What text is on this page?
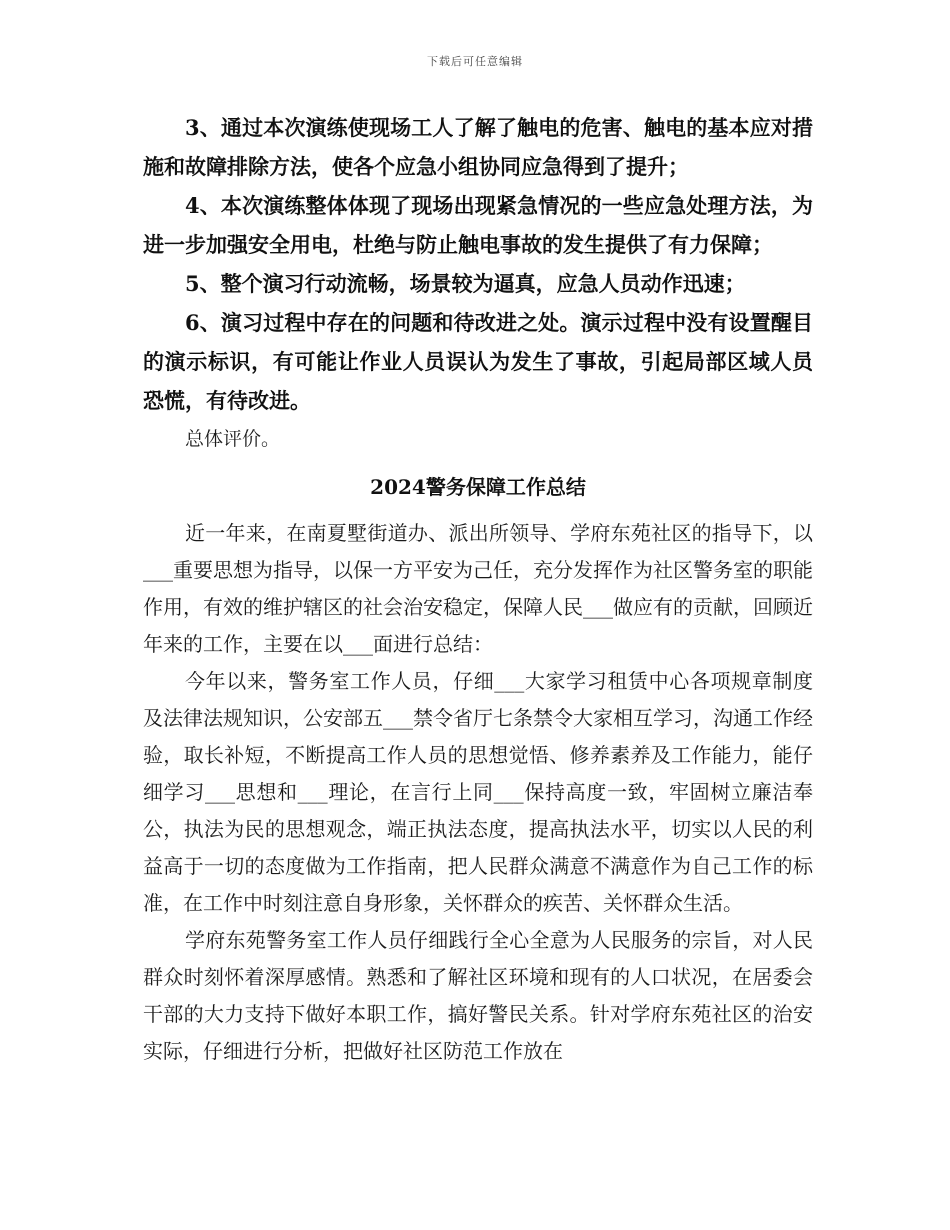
下载后可任意编辑

3、通过本次演练使现场工人了解了触电的危害、触电的基本应对措施和故障排除方法，使各个应急小组协同应急得到了提升；

4、本次演练整体体现了现场出现紧急情况的一些应急处理方法，为进一步加强安全用电，杜绝与防止触电事故的发生提供了有力保障；

5、整个演习行动流畅，场景较为逼真，应急人员动作迅速；

6、演习过程中存在的问题和待改进之处。演示过程中没有设置醒目的演示标识，有可能让作业人员误认为发生了事故，引起局部区域人员恐慌，有待改进。

总体评价。

2024警务保障工作总结

近一年来，在南夏墅街道办、派出所领导、学府东苑社区的指导下，以___重要思想为指导，以保一方平安为己任，充分发挥作为社区警务室的职能作用，有效的维护辖区的社会治安稳定，保障人民___做应有的贡献，回顾近年来的工作，主要在以___面进行总结：

今年以来，警务室工作人员，仔细___大家学习租赁中心各项规章制度及法律法规知识，公安部五___禁令省厅七条禁令大家相互学习，沟通工作经验，取长补短，不断提高工作人员的思想觉悟、修养素养及工作能力，能仔细学习___思想和___理论，在言行上同___保持高度一致，牢固树立廉洁奉公，执法为民的思想观念，端正执法态度，提高执法水平，切实以人民的利益高于一切的态度做为工作指南，把人民群众满意不满意作为自己工作的标准，在工作中时刻注意自身形象，关怀群众的疾苦、关怀群众生活。

学府东苑警务室工作人员仔细践行全心全意为人民服务的宗旨，对人民群众时刻怀着深厚感情。熟悉和了解社区环境和现有的人口状况，在居委会干部的大力支持下做好本职工作，搞好警民关系。针对学府东苑社区的治安实际，仔细进行分析，把做好社区防范工作放在
